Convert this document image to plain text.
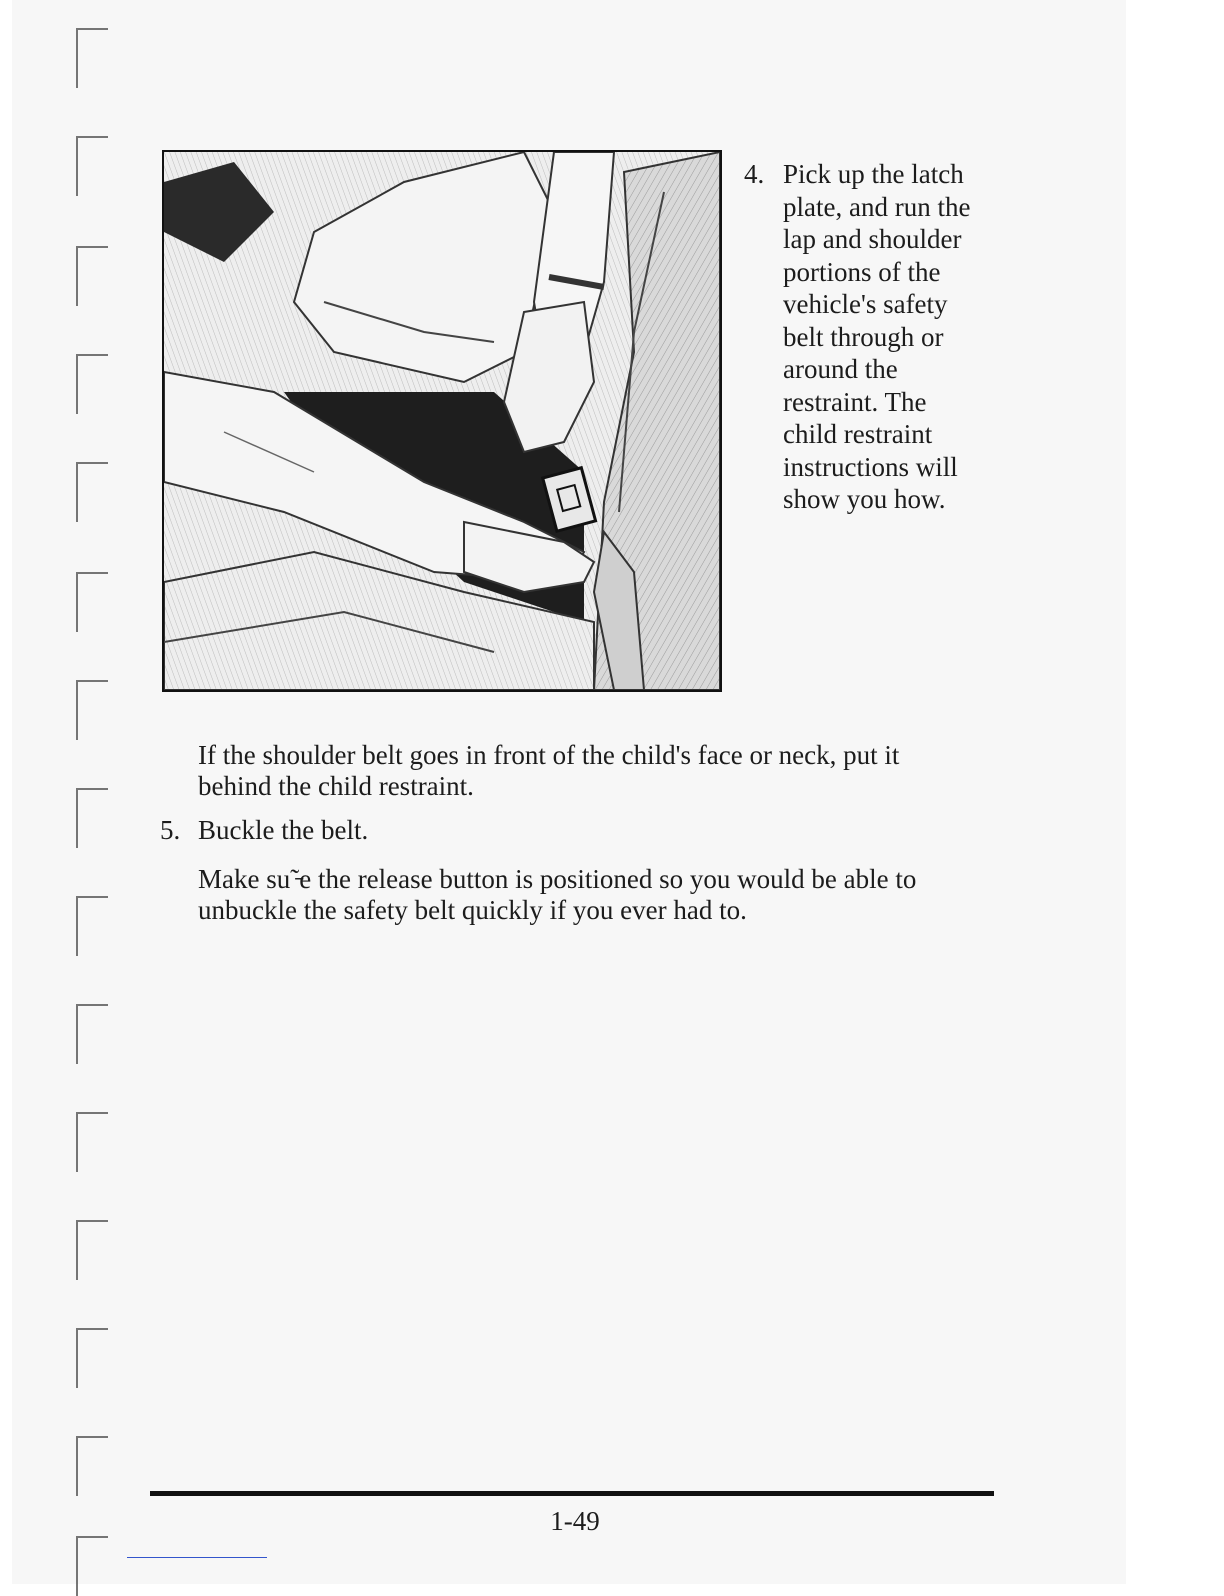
4. Pick up the latch
plate, and run the
lap and shoulder
portions of the
vehicle's safety
belt through or
around the
restraint. The
child restraint
instructions will
show you how.
If the shoulder belt goes in front of the child's face or neck, put it
behind the child restraint.
5. Buckle the belt.
Make su˜̵e the release button is positioned so you would be able to
unbuckle the safety belt quickly if you ever had to.
1-49
